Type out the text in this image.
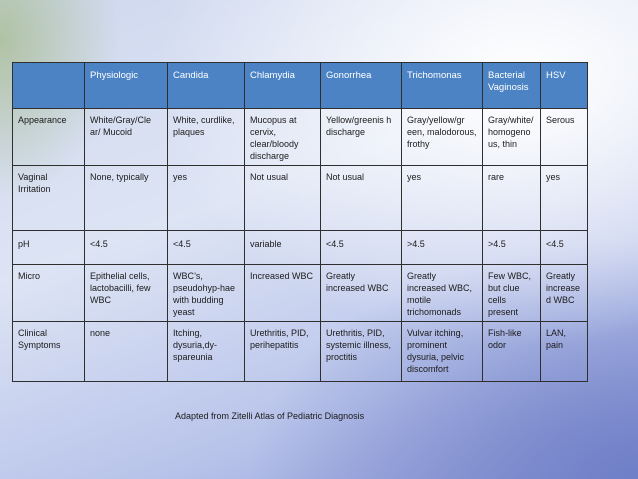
	Physiologic	Candida	Chlamydia	Gonorrhea	Trichomonas	Bacterial Vaginosis	HSV
Appearance	White/Gray/Cle ar/ Mucoid	White, curdlike, plaques	Mucopus at cervix, clear/bloody discharge	Yellow/greenis h discharge	Gray/yellow/gr een, malodorous, frothy	Gray/white/ homogenous, thin	Serous
Vaginal Irritation	None, typically	yes	Not usual	Not usual	yes	rare	yes
pH	<4.5	<4.5	variable	<4.5	>4.5	>4.5	<4.5
Micro	Epithelial cells, lactobacilli, few WBC	WBC’s, pseudohyp-hae with budding yeast	Increased WBC	Greatly increased WBC	Greatly increased WBC, motile trichomonads	Few WBC, but clue cells present	Greatly increased WBC
Clinical Symptoms	none	Itching, dysuria,dy-spareunia	Urethritis, PID, perihepatitis	Urethritis, PID, systemic illness, proctitis	Vulvar itching, prominent dysuria, pelvic discomfort	Fish-like odor	LAN, pain
Adapted from Zitelli Atlas of Pediatric Diagnosis
